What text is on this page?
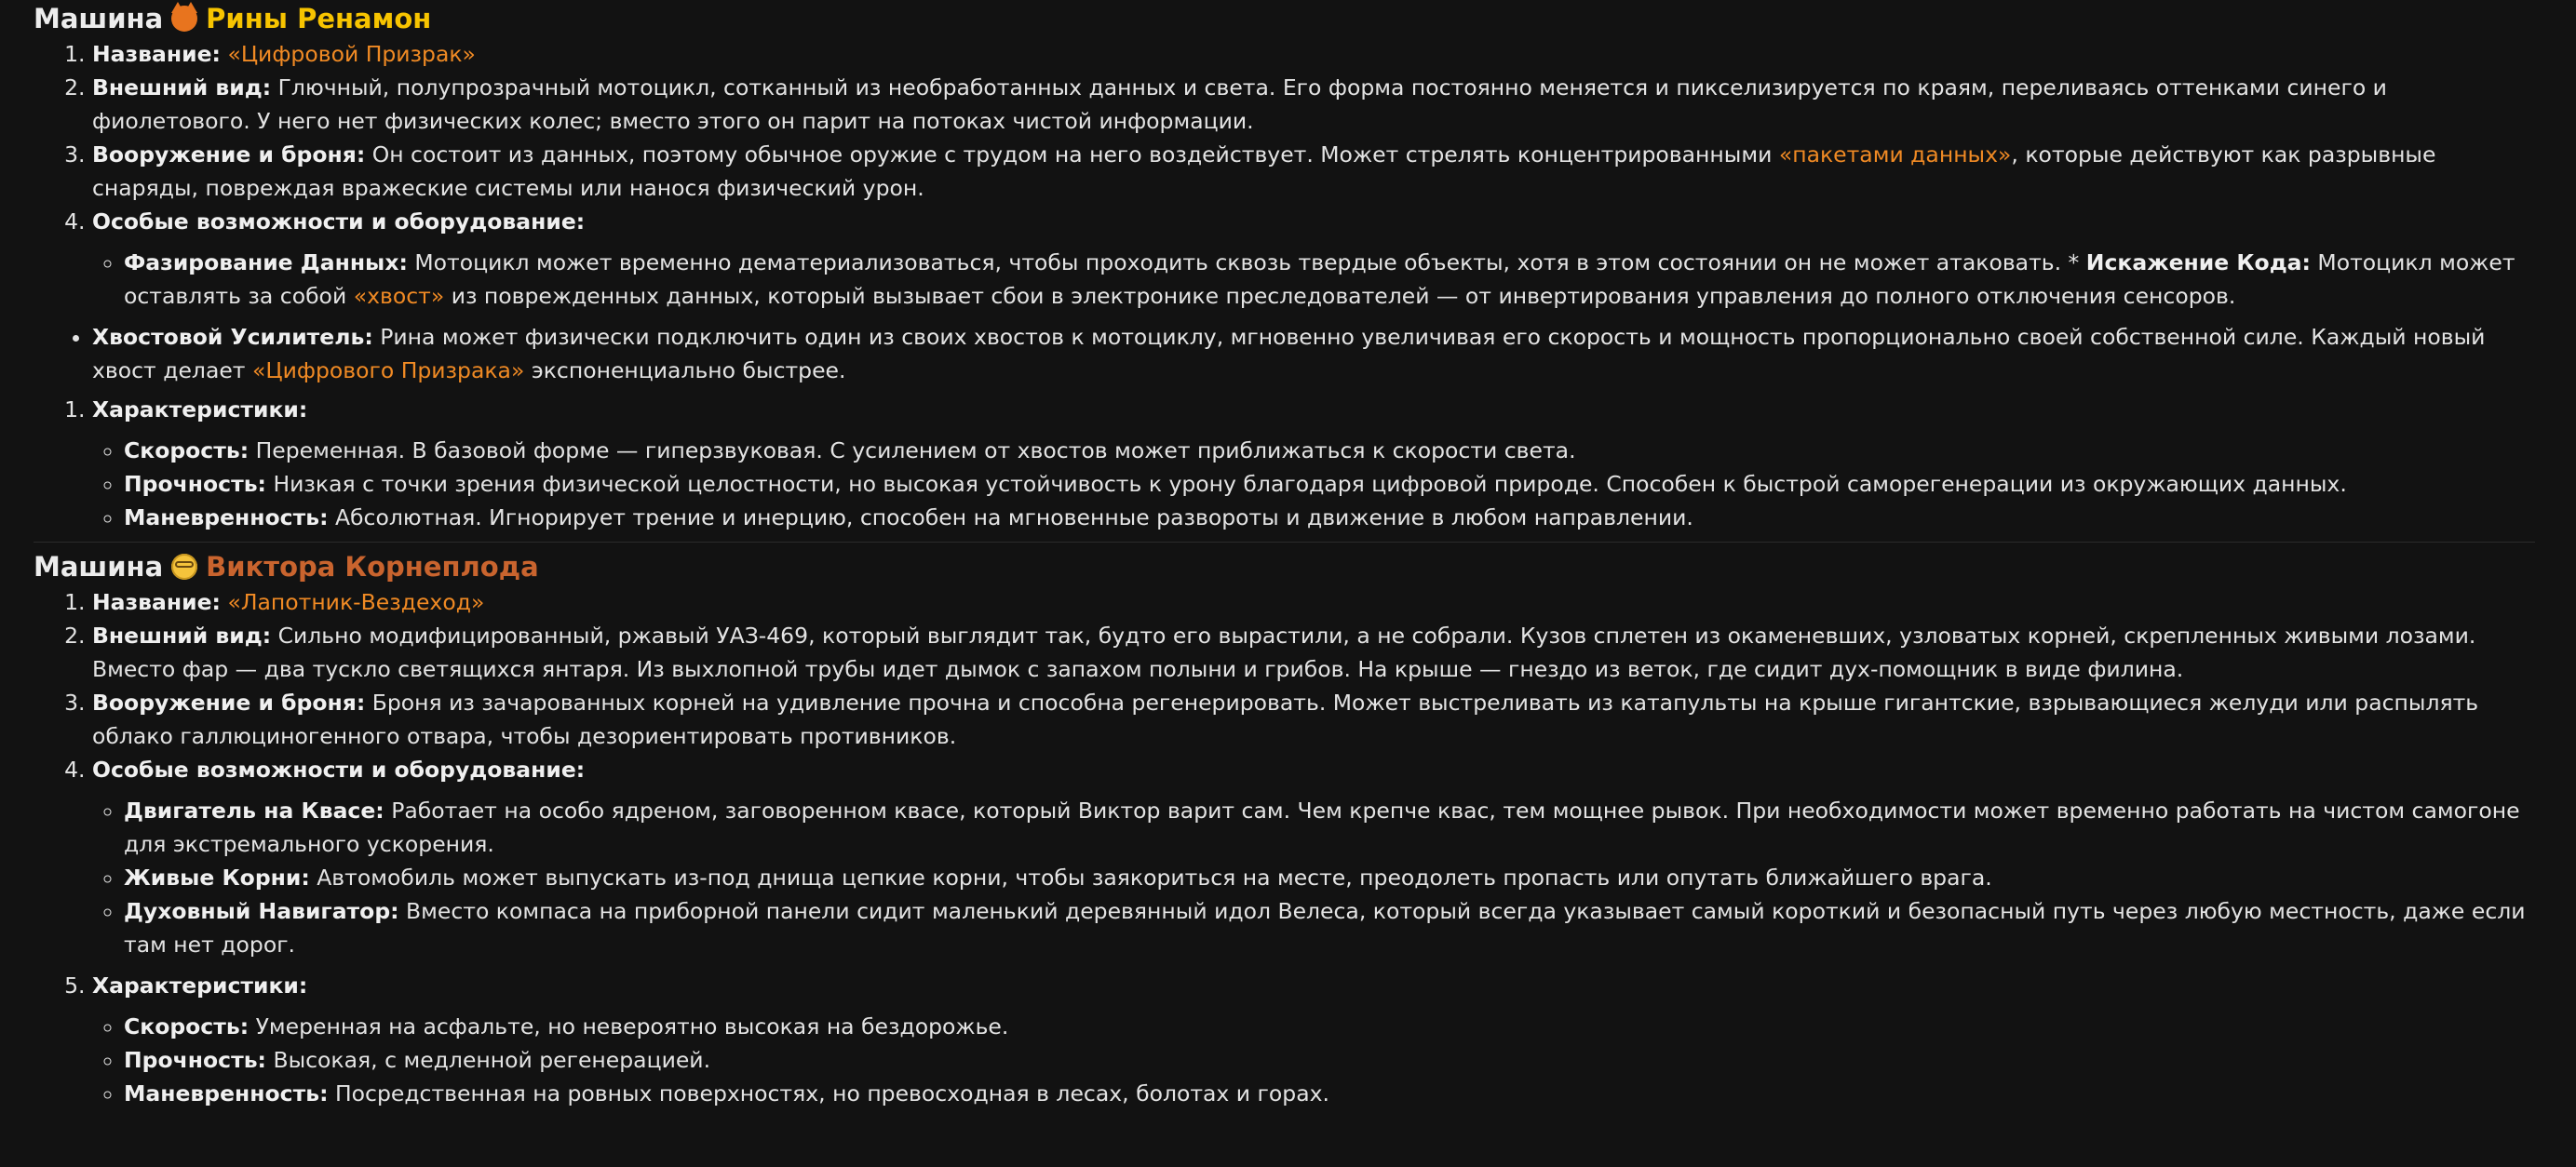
Машина Рины Ренамон
1. Название: «Цифровой Призрак»
2. Внешний вид: Глючный, полупрозрачный мотоцикл, сотканный из необработанных данных и света. Его форма постоянно меняется и пикселизируется по краям, переливаясь оттенками синего и фиолетового. У него нет физических колес; вместо этого он парит на потоках чистой информации.
3. Вооружение и броня: Он состоит из данных, поэтому обычное оружие с трудом на него воздействует. Может стрелять концентрированными «пакетами данных», которые действуют как разрывные снаряды, повреждая вражеские системы или нанося физический урон.
4. Особые возможности и оборудование:
◦ Фазирование Данных: Мотоцикл может временно дематериализоваться, чтобы проходить сквозь твердые объекты, хотя в этом состоянии он не может атаковать. * Искажение Кода: Мотоцикл может оставлять за собой «хвост» из поврежденных данных, который вызывает сбои в электронике преследователей — от инвертирования управления до полного отключения сенсоров.
• Хвостовой Усилитель: Рина может физически подключить один из своих хвостов к мотоциклу, мгновенно увеличивая его скорость и мощность пропорционально своей собственной силе. Каждый новый хвост делает «Цифрового Призрака» экспоненциально быстрее.
1. Характеристики:
◦ Скорость: Переменная. В базовой форме — гиперзвуковая. С усилением от хвостов может приближаться к скорости света.
◦ Прочность: Низкая с точки зрения физической целостности, но высокая устойчивость к урону благодаря цифровой природе. Способен к быстрой саморегенерации из окружающих данных.
◦ Маневренность: Абсолютная. Игнорирует трение и инерцию, способен на мгновенные развороты и движение в любом направлении.
Машина Виктора Корнеплода
1. Название: «Лапотник-Вездеход»
2. Внешний вид: Сильно модифицированный, ржавый УАЗ-469, который выглядит так, будто его вырастили, а не собрали. Кузов сплетен из окаменевших, узловатых корней, скрепленных живыми лозами. Вместо фар — два тускло светящихся янтаря. Из выхлопной трубы идет дымок с запахом полыни и грибов. На крыше — гнездо из веток, где сидит дух-помощник в виде филина.
3. Вооружение и броня: Броня из зачарованных корней на удивление прочна и способна регенерировать. Может выстреливать из катапульты на крыше гигантские, взрывающиеся желуди или распылять облако галлюциногенного отвара, чтобы дезориентировать противников.
4. Особые возможности и оборудование:
◦ Двигатель на Квасе: Работает на особо ядреном, заговоренном квасе, который Виктор варит сам. Чем крепче квас, тем мощнее рывок. При необходимости может временно работать на чистом самогоне для экстремального ускорения.
◦ Живые Корни: Автомобиль может выпускать из-под днища цепкие корни, чтобы заякориться на месте, преодолеть пропасть или опутать ближайшего врага.
◦ Духовный Навигатор: Вместо компаса на приборной панели сидит маленький деревянный идол Велеса, который всегда указывает самый короткий и безопасный путь через любую местность, даже если там нет дорог.
5. Характеристики:
◦ Скорость: Умеренная на асфальте, но невероятно высокая на бездорожье.
◦ Прочность: Высокая, с медленной регенерацией.
◦ Маневренность: Посредственная на ровных поверхностях, но превосходная в лесах, болотах и горах.
